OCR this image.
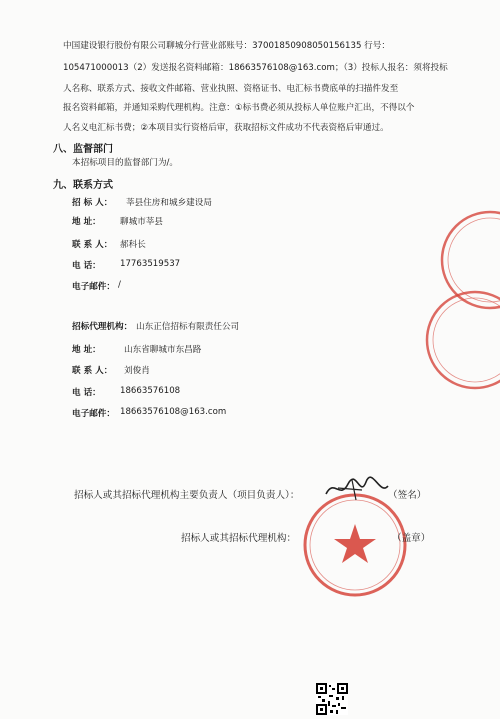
中国建设银行股份有限公司聊城分行营业部账号：37001850908050156135 行号：
105471000013（2）发送报名资料邮箱：18663576108@163.com；（3）投标人报名：须将投标
人名称、联系方式、接收文件邮箱、营业执照、资格证书、电汇标书费底单的扫描件发至
报名资料邮箱，并通知采购代理机构。注意：①标书费必须从投标人单位账户汇出，不得以个
人名义电汇标书费；②本项目实行资格后审，获取招标文件成功不代表资格后审通过。
八、监督部门
本招标项目的监督部门为/。
九、联系方式
招 标 人： 莘县住房和城乡建设局
地 址： 聊城市莘县
联 系 人： 郝科长
电 话： 17763519537
电子邮件： /
招标代理机构： 山东正信招标有限责任公司
地 址：	山东省聊城市东昌路
联 系 人： 刘俊肖
电 话： 18663576108
电子邮件： 18663576108@163.com
招标人或其招标代理机构主要负责人（项目负责人）：	（签名）
招标人或其招标代理机构：	（盖章）
